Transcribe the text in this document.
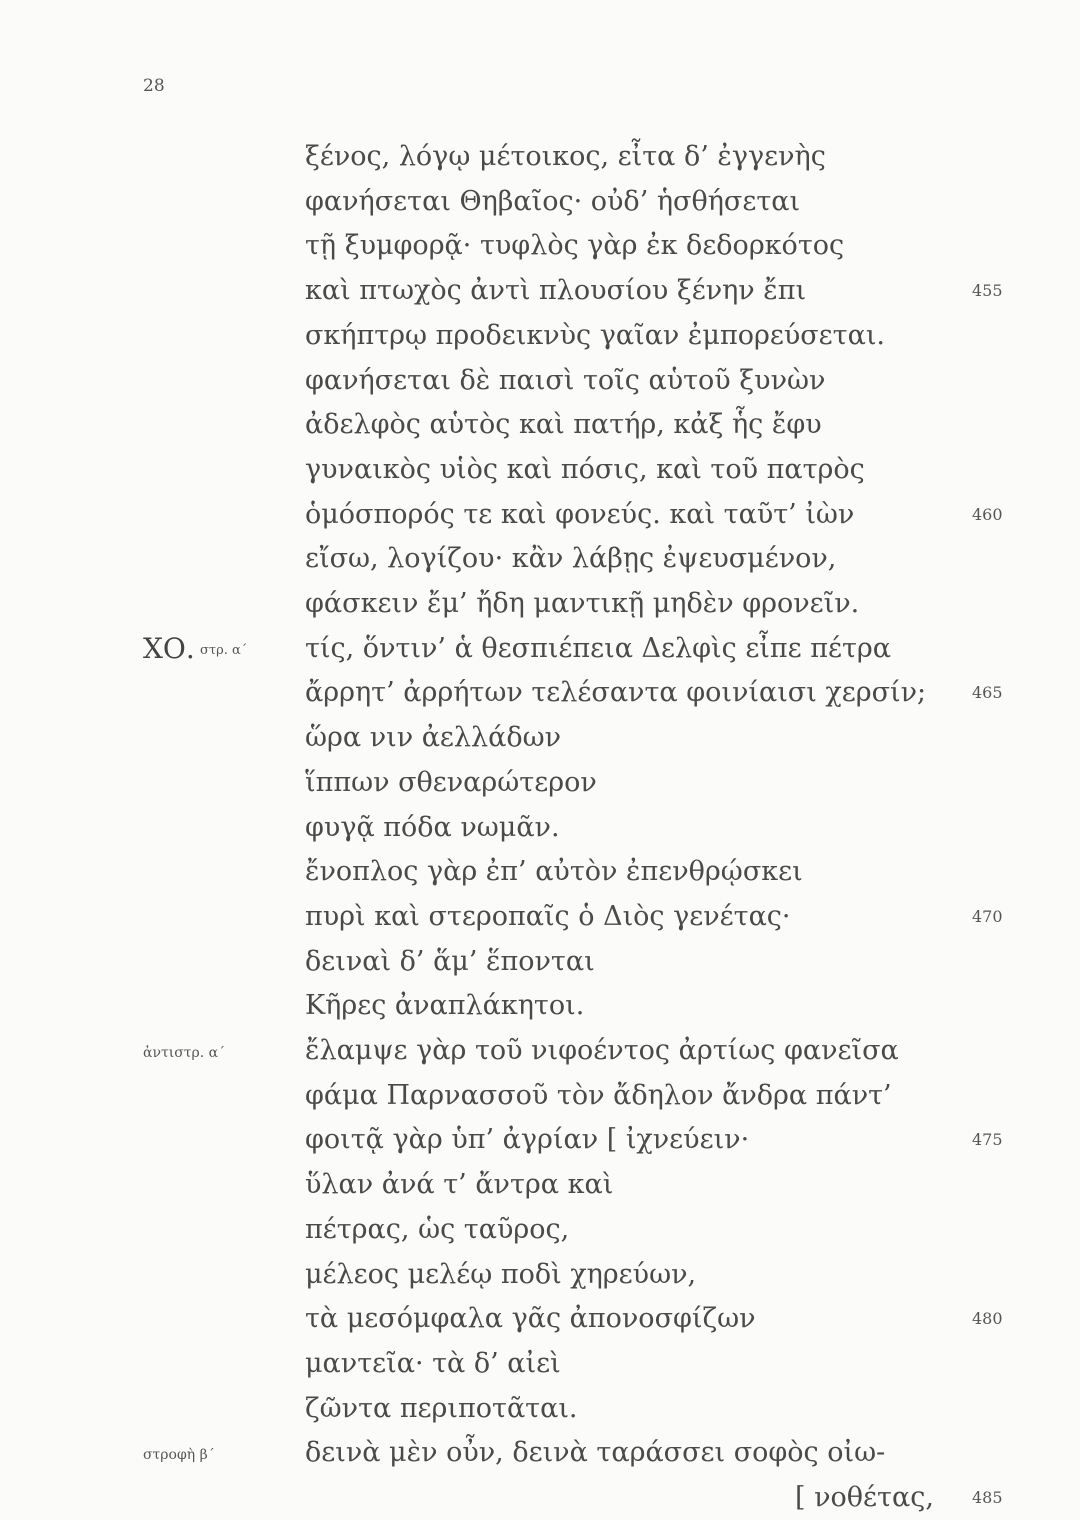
28
ξένος, λόγῳ μέτοικος, εἶτα δ’ ἐγγενὴς
φανήσεται Θηβαῖος· οὐδ’ ἡσθήσεται
τῇ ξυμφορᾷ· τυφλὸς γὰρ ἐκ δεδορκότος
καὶ πτωχὸς ἀντὶ πλουσίου ξένην ἔπι	455
σκήπτρῳ προδεικνὺς γαῖαν ἐμπορεύσεται.
φανήσεται δὲ παισὶ τοῖς αὑτοῦ ξυνὼν
ἀδελφὸς αὑτὸς καὶ πατήρ, κἀξ ἧς ἔφυ
γυναικὸς υἱὸς καὶ πόσις, καὶ τοῦ πατρὸς
ὁμόσπορός τε καὶ φονεύς. καὶ ταῦτ’ ἰὼν	460
εἴσω, λογίζου· κἂν λάβῃς ἐψευσμένον,
φάσκειν ἔμ’ ἤδη μαντικῇ μηδὲν φρονεῖν.
τίς, ὅντιν’ ἁ θεσπιέπεια Δελφὶς εἶπε πέτρα
ΧΟ. στρ. α΄
ἄρρητ’ ἀρρήτων τελέσαντα φοινίαισι χερσίν;	465
ὥρα νιν ἀελλάδων
ἵππων σθεναρώτερον
φυγᾷ πόδα νωμᾶν.
ἔνοπλος γὰρ ἐπ’ αὐτὸν ἐπενθρῴσκει
πυρὶ καὶ στεροπαῖς ὁ Διὸς γενέτας·	470
δειναὶ δ’ ἅμ’ ἕπονται
Κῆρες ἀναπλάκητοι.
ἔλαμψε γὰρ τοῦ νιφοέντος ἀρτίως φανεῖσα
ἀντιστρ. α΄
φάμα Παρνασσοῦ τὸν ἄδηλον ἄνδρα πάντ’
φοιτᾷ γὰρ ὑπ’ ἀγρίαν [ ἰχνεύειν·	475
ὕλαν ἀνά τ’ ἄντρα καὶ
πέτρας, ὡς ταῦρος,
μέλεος μελέῳ ποδὶ χηρεύων,
τὰ μεσόμφαλα γᾶς ἀπονοσφίζων	480
μαντεῖα· τὰ δ’ αἰεὶ
ζῶντα περιποτᾶται.
δεινὰ μὲν οὖν, δεινὰ ταράσσει σοφὸς οἰω-
στροφὴ β΄
[ νοθέτας, 485
